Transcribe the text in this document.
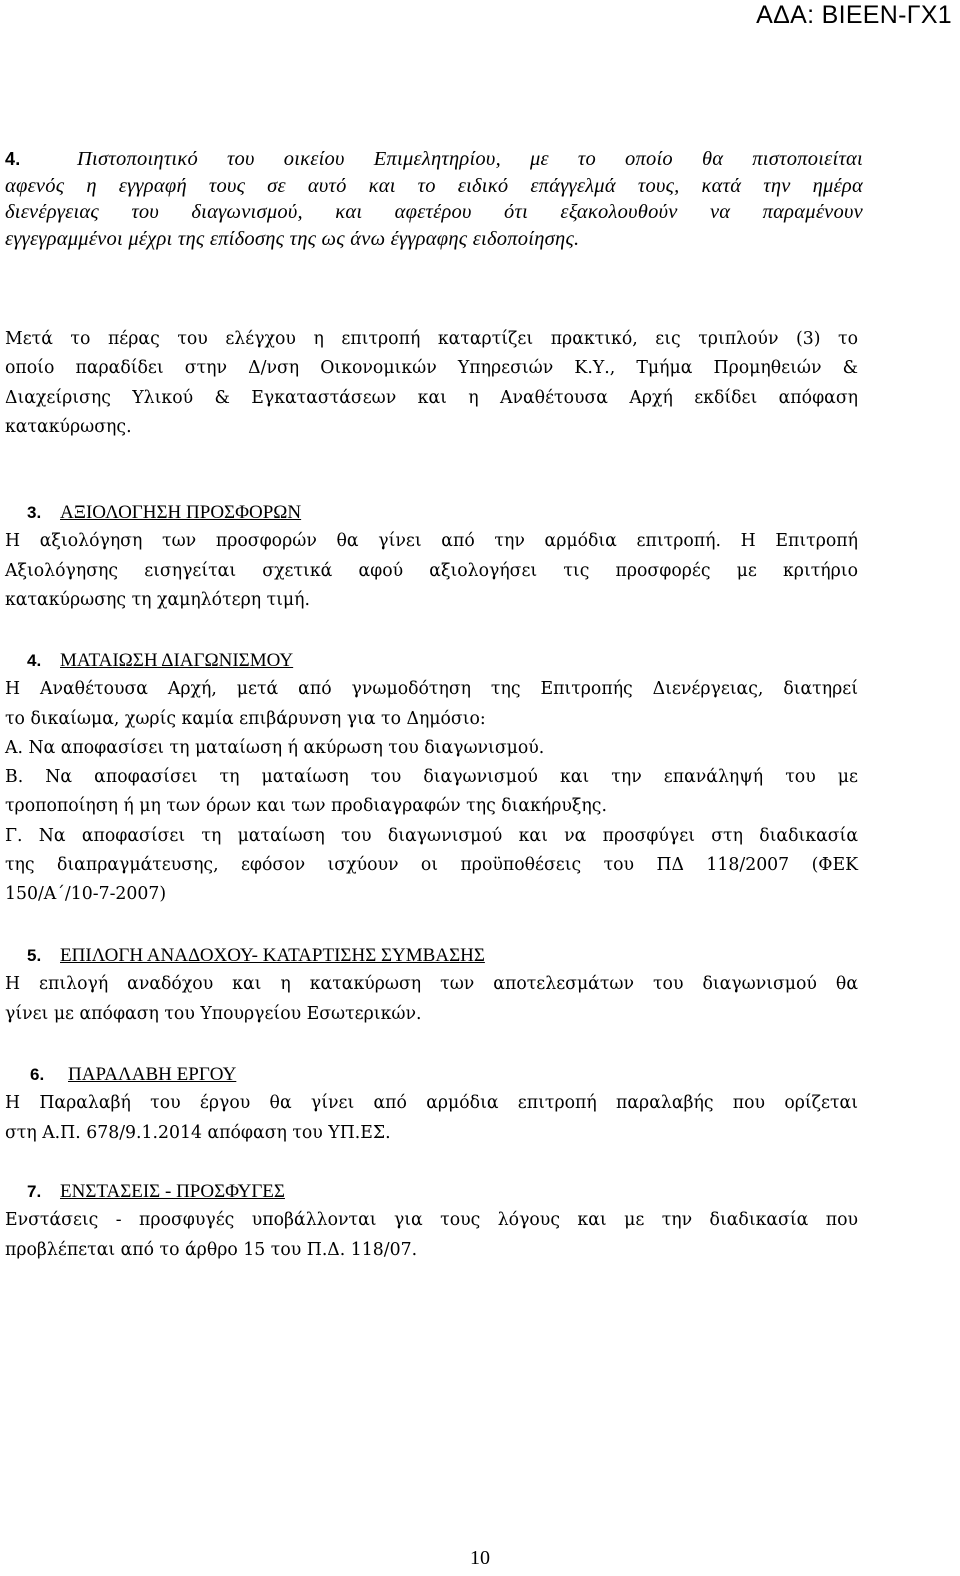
ΑΔΑ: ΒΙΕΕΝ-ΓΧ1
4.	Πιστοποιητικό του οικείου Επιμελητηρίου, με το οποίο θα πιστοποιείται
αφενός η εγγραφή τους σε αυτό και το ειδικό επάγγελμά τους, κατά την ημέρα
διενέργειας του διαγωνισμού, και αφετέρου ότι εξακολουθούν να παραμένουν
εγγεγραμμένοι μέχρι της επίδοσης της ως άνω έγγραφης ειδοποίησης.

Μετά το πέρας του ελέγχου η επιτροπή καταρτίζει πρακτικό, εις τριπλούν (3) το

οποίο παραδίδει στην Δ/νση Οικονομικών Υπηρεσιών Κ.Υ., Τμήμα Προμηθειών &

Διαχείρισης Υλικού & Εγκαταστάσεων και η Αναθέτουσα Αρχή εκδίδει απόφαση

κατακύρωσης.

3. ΑΞΙΟΛΟΓΗΣΗ ΠΡΟΣΦΟΡΩΝ

Η αξιολόγηση των προσφορών θα γίνει από την αρμόδια επιτροπή. Η Επιτροπή

Αξιολόγησης εισηγείται σχετικά αφού αξιολογήσει τις προσφορές με κριτήριο

κατακύρωσης τη χαμηλότερη τιμή.

4. ΜΑΤΑΙΩΣΗ ΔΙΑΓΩΝΙΣΜΟΥ

Η Αναθέτουσα Αρχή, μετά από γνωμοδότηση της Επιτροπής Διενέργειας, διατηρεί

το δικαίωμα, χωρίς καμία επιβάρυνση για το Δημόσιο:

Α. Να αποφασίσει τη ματαίωση ή ακύρωση του διαγωνισμού.

Β. Να αποφασίσει τη ματαίωση του διαγωνισμού και την επανάληψή του με

τροποποίηση ή μη των όρων και των προδιαγραφών της διακήρυξης.

Γ. Να αποφασίσει τη ματαίωση του διαγωνισμού και να προσφύγει στη διαδικασία

της διαπραγμάτευσης, εφόσον ισχύουν οι προϋποθέσεις του ΠΔ 118/2007 (ΦΕΚ

150/Α΄/10-7-2007)

5. ΕΠΙΛΟΓΗ ΑΝΑΔΟΧΟΥ- ΚΑΤΑΡΤΙΣΗΣ ΣΥΜΒΑΣΗΣ

Η επιλογή αναδόχου και η κατακύρωση των αποτελεσμάτων του διαγωνισμού θα

γίνει με απόφαση του Υπουργείου Εσωτερικών.

6. ΠΑΡΑΛΑΒΗ ΕΡΓΟΥ

Η Παραλαβή του έργου θα γίνει από αρμόδια επιτροπή παραλαβής που ορίζεται

στη Α.Π. 678/9.1.2014 απόφαση του ΥΠ.ΕΣ.

7. ΕΝΣΤΑΣΕΙΣ - ΠΡΟΣΦΥΓΕΣ

Ενστάσεις - προσφυγές υποβάλλονται για τους λόγους και με την διαδικασία που

προβλέπεται από το άρθρο 15 του Π.Δ. 118/07.

10
